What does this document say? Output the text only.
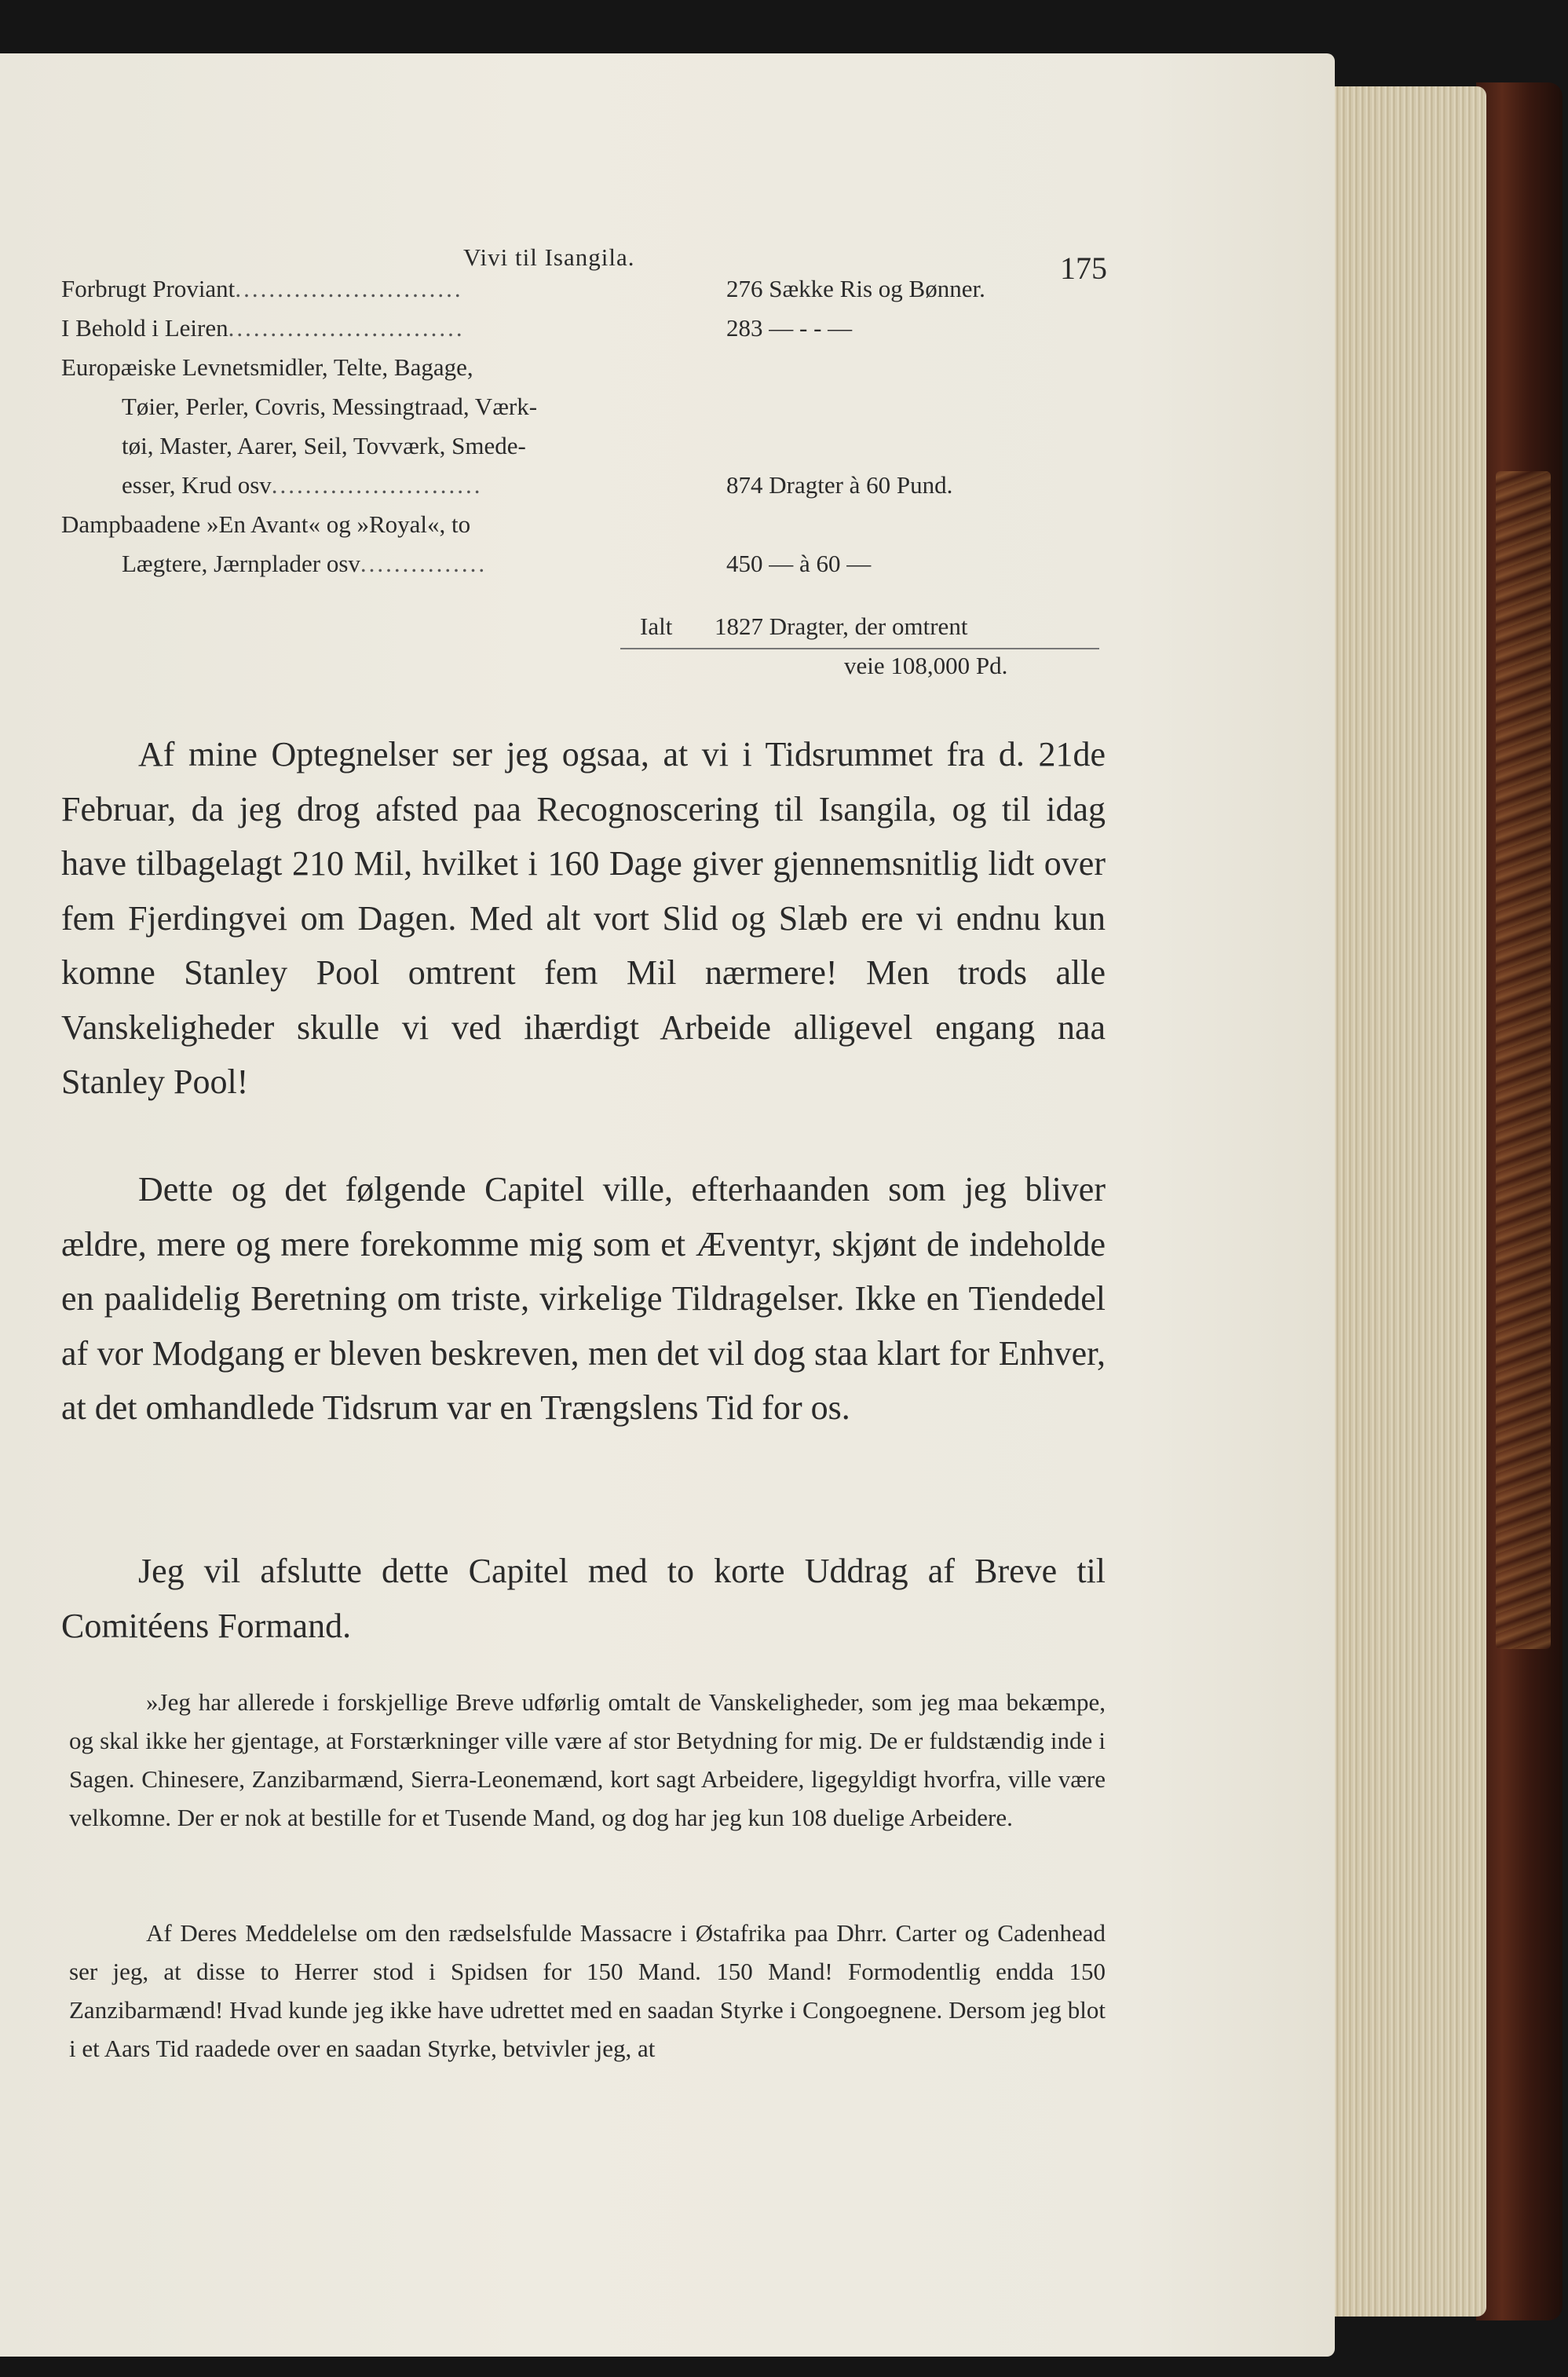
Vivi til Isangila.	175
Forbrugt Proviant...........................	276 Sække Ris og Bønner.
I Behold i Leiren............................	283 — - - —
Europæiske Levnetsmidler, Telte, Bagage,
Tøier, Perler, Covris, Messingtraad, Værk-
tøi, Master, Aarer, Seil, Tovværk, Smede-
esser, Krud osv.........................	874 Dragter à 60 Pund.
Dampbaadene »En Avant« og »Royal«, to
Lægtere, Jærnplader osv...............	450 — à 60 —
Ialt 1827 Dragter, der omtrent
veie 108,000 Pd.
Af mine Optegnelser ser jeg ogsaa, at vi i Tidsrummet fra d. 21de Februar, da jeg drog afsted paa Recognoscering til Isangila, og til idag have tilbagelagt 210 Mil, hvilket i 160 Dage giver gjennemsnitlig lidt over fem Fjerdingvei om Dagen. Med alt vort Slid og Slæb ere vi endnu kun komne Stanley Pool omtrent fem Mil nærmere! Men trods alle Vanskeligheder skulle vi ved ihærdigt Arbeide alligevel engang naa Stanley Pool!
Dette og det følgende Capitel ville, efterhaanden som jeg bliver ældre, mere og mere forekomme mig som et Æventyr, skjønt de indeholde en paalidelig Beretning om triste, virkelige Tildragelser. Ikke en Tiendedel af vor Modgang er bleven beskreven, men det vil dog staa klart for Enhver, at det omhandlede Tidsrum var en Trængslens Tid for os.
Jeg vil afslutte dette Capitel med to korte Uddrag af Breve til Comitéens Formand.
»Jeg har allerede i forskjellige Breve udførlig omtalt de Vanskeligheder, som jeg maa bekæmpe, og skal ikke her gjentage, at Forstærkninger ville være af stor Betydning for mig. De er fuldstændig inde i Sagen. Chinesere, Zanzibarmænd, Sierra-Leonemænd, kort sagt Arbeidere, ligegyldigt hvorfra, ville være velkomne. Der er nok at bestille for et Tusende Mand, og dog har jeg kun 108 duelige Arbeidere.
Af Deres Meddelelse om den rædselsfulde Massacre i Østafrika paa Dhrr. Carter og Cadenhead ser jeg, at disse to Herrer stod i Spidsen for 150 Mand. 150 Mand! Formodentlig endda 150 Zanzibarmænd! Hvad kunde jeg ikke have udrettet med en saadan Styrke i Congoegnene. Dersom jeg blot i et Aars Tid raadede over en saadan Styrke, betvivler jeg, at
